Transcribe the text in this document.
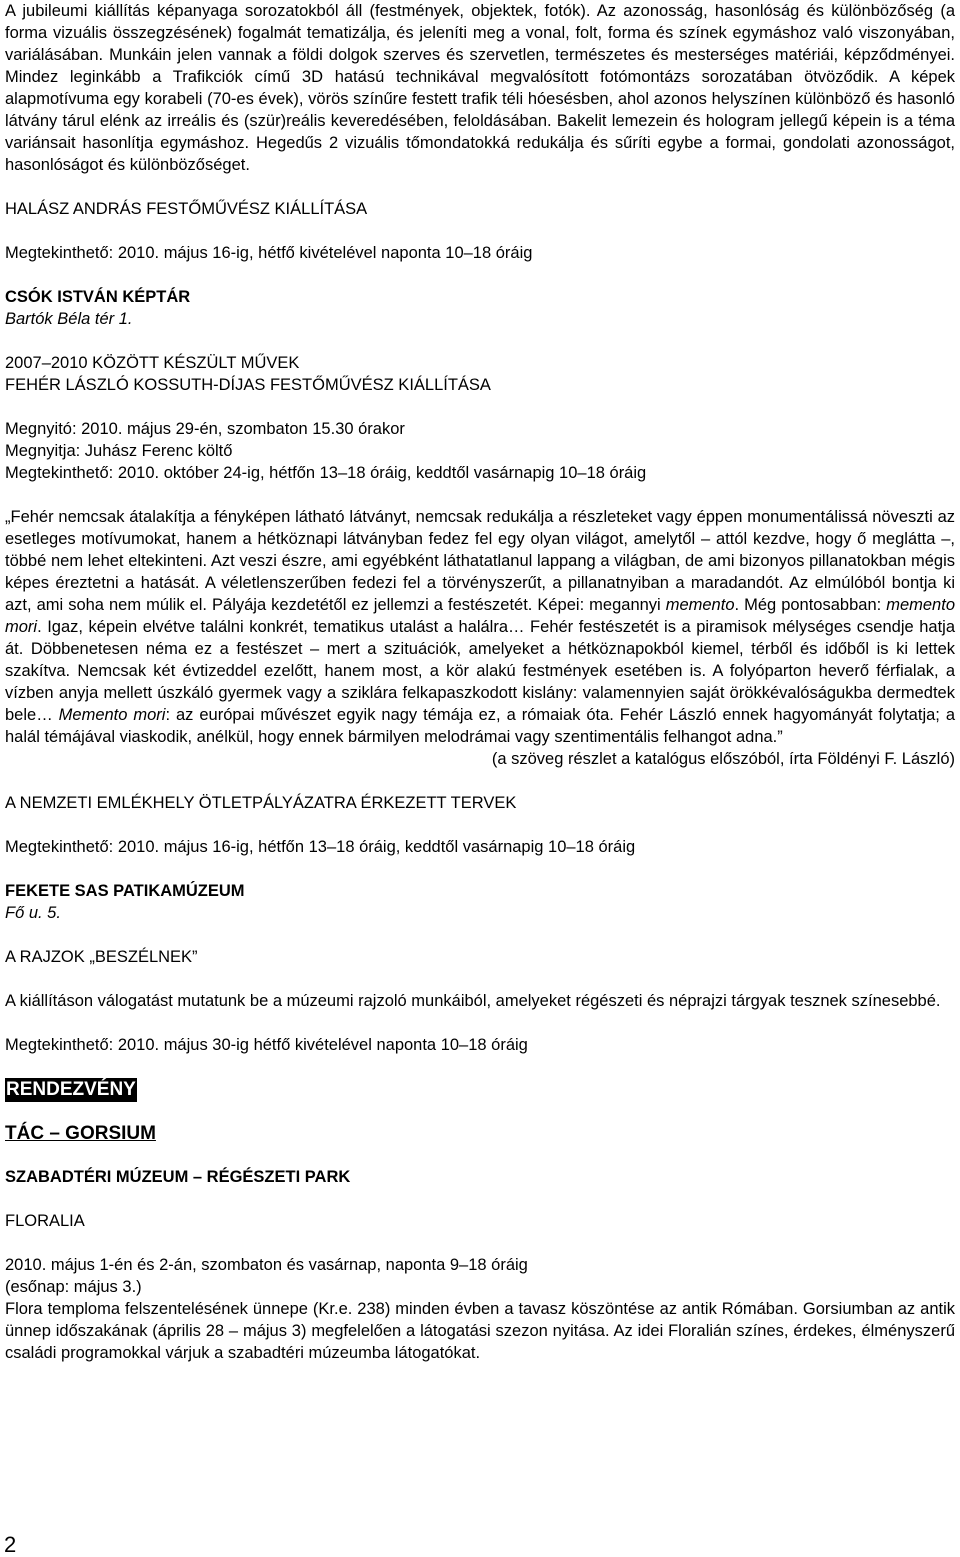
A jubileumi kiállítás képanyaga sorozatokból áll (festmények, objektek, fotók). Az azonosság, hasonlóság és különbözőség (a forma vizuális összegzésének) fogalmát tematizálja, és jeleníti meg a vonal, folt, forma és színek egymáshoz való viszonyában, variálásában. Munkáin jelen vannak a földi dolgok szerves és szervetlen, természetes és mesterséges matériái, képződményei. Mindez leginkább a Trafikciók című 3D hatású technikával megvalósított fotómontázs sorozatában ötvöződik. A képek alapmotívuma egy korabeli (70-es évek), vörös színűre festett trafik téli hóesésben, ahol azonos helyszínen különböző és hasonló látvány tárul elénk az irreális és (szür)reális keveredésében, feloldásában. Bakelit lemezein és hologram jellegű képein is a téma variánsait hasonlítja egymáshoz. Hegedűs 2 vizuális tőmondatokká redukálja és sűríti egybe a formai, gondolati azonosságot, hasonlóságot és különbözőséget.

HALÁSZ ANDRÁS FESTŐMŰVÉSZ KIÁLLÍTÁSA

Megtekinthető: 2010. május 16-ig, hétfő kivételével naponta 10–18 óráig

CSÓK ISTVÁN KÉPTÁR

Bartók Béla tér 1.

2007–2010 KÖZÖTT KÉSZÜLT MŰVEK

FEHÉR LÁSZLÓ KOSSUTH-DÍJAS FESTŐMŰVÉSZ KIÁLLÍTÁSA

Megnyitó: 2010. május 29-én, szombaton 15.30 órakor

Megnyitja: Juhász Ferenc költő

Megtekinthető: 2010. október 24-ig, hétfőn 13–18 óráig, keddtől vasárnapig 10–18 óráig

„Fehér nemcsak átalakítja a fényképen látható látványt, nemcsak redukálja a részleteket vagy éppen monumentálissá növeszti az esetleges motívumokat, hanem a hétköznapi látványban fedez fel egy olyan világot, amelytől – attól kezdve, hogy ő meglátta –, többé nem lehet eltekinteni. Azt veszi észre, ami egyébként láthatatlanul lappang a világban, de ami bizonyos pillanatokban mégis képes éreztetni a hatását. A véletlenszerűben fedezi fel a törvényszerűt, a pillanatnyiban a maradandót. Az elmúlóból bontja ki azt, ami soha nem múlik el. Pályája kezdetétől ez jellemzi a festészetét. Képei: megannyi memento. Még pontosabban: memento mori. Igaz, képein elvétve találni konkrét, tematikus utalást a halálra… Fehér festészetét is a piramisok mélységes csendje hatja át. Döbbenetesen néma ez a festészet – mert a szituációk, amelyeket a hétköznapokból kiemel, térből és időből is ki lettek szakítva. Nemcsak két évtizeddel ezelőtt, hanem most, a kör alakú festmények esetében is. A folyóparton heverő férfialak, a vízben anyja mellett úszkáló gyermek vagy a sziklára felkapaszkodott kislány: valamennyien saját örökkévalóságukba dermedtek bele… Memento mori: az európai művészet egyik nagy témája ez, a rómaiak óta. Fehér László ennek hagyományát folytatja; a halál témájával viaskodik, anélkül, hogy ennek bármilyen melodrámai vagy szentimentális felhangot adna.”

(a szöveg részlet a katalógus előszóból, írta Földényi F. László)

A NEMZETI EMLÉKHELY ÖTLETPÁLYÁZATRA ÉRKEZETT TERVEK

Megtekinthető: 2010. május 16-ig, hétfőn 13–18 óráig, keddtől vasárnapig 10–18 óráig

FEKETE SAS PATIKAMÚZEUM

Fő u. 5.

A RAJZOK „BESZÉLNEK”

A kiállításon válogatást mutatunk be a múzeumi rajzoló munkáiból, amelyeket régészeti és néprajzi tárgyak tesznek színesebbé.

Megtekinthető: 2010. május 30-ig hétfő kivételével naponta 10–18 óráig

RENDEZVÉNY

TÁC – GORSIUM

SZABADTÉRI MÚZEUM – RÉGÉSZETI PARK

FLORALIA

2010. május 1-én és 2-án, szombaton és vasárnap, naponta 9–18 óráig

(esőnap: május 3.)

Flora temploma felszentelésének ünnepe (Kr.e. 238) minden évben a tavasz köszöntése az antik Rómában. Gorsiumban az antik ünnep időszakának (április 28 – május 3) megfelelően a látogatási szezon nyitása. Az idei Floralián színes, érdekes, élményszerű családi programokkal várjuk a szabadtéri múzeumba látogatókat.

2
